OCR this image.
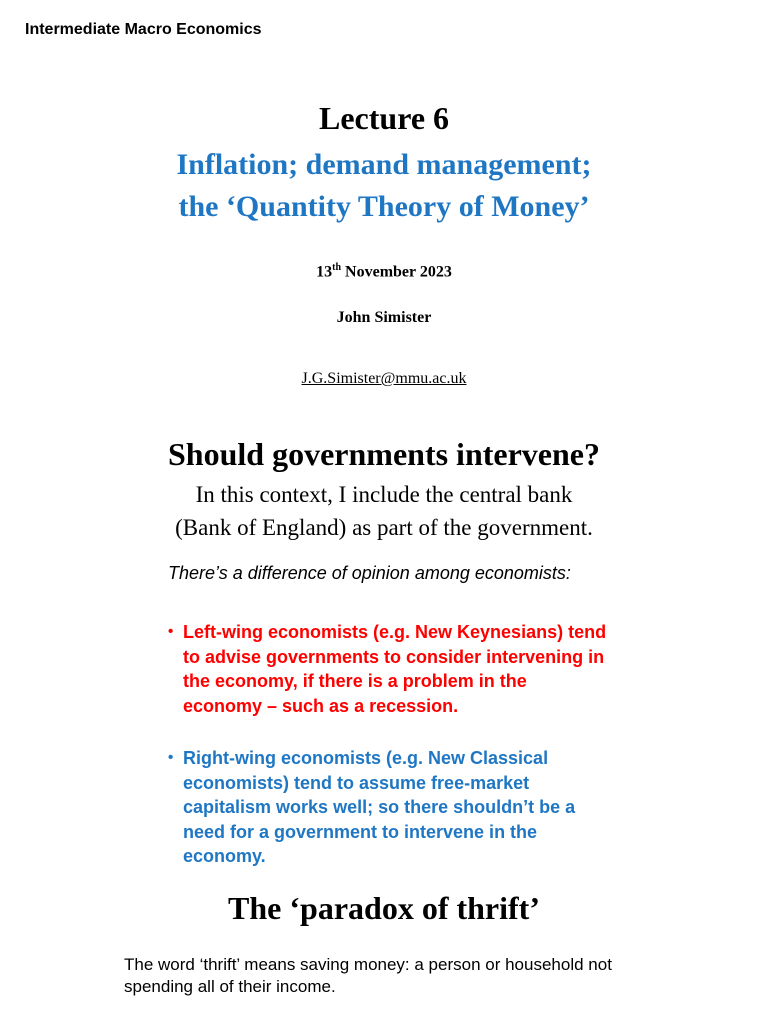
Intermediate Macro Economics
Lecture 6
Inflation; demand management;
the ‘Quantity Theory of Money’
13th November 2023
John Simister
J.G.Simister@mmu.ac.uk
Should governments intervene?
In this context, I include the central bank
(Bank of England) as part of the government.
There’s a difference of opinion among economists:
• Left-wing economists (e.g. New Keynesians) tend to advise governments to consider intervening in the economy, if there is a problem in the economy – such as a recession.
• Right-wing economists (e.g. New Classical economists) tend to assume free-market capitalism works well; so there shouldn’t be a need for a government to intervene in the economy.
The ‘paradox of thrift’
The word ‘thrift’ means saving money: a person or household not spending all of their income.
